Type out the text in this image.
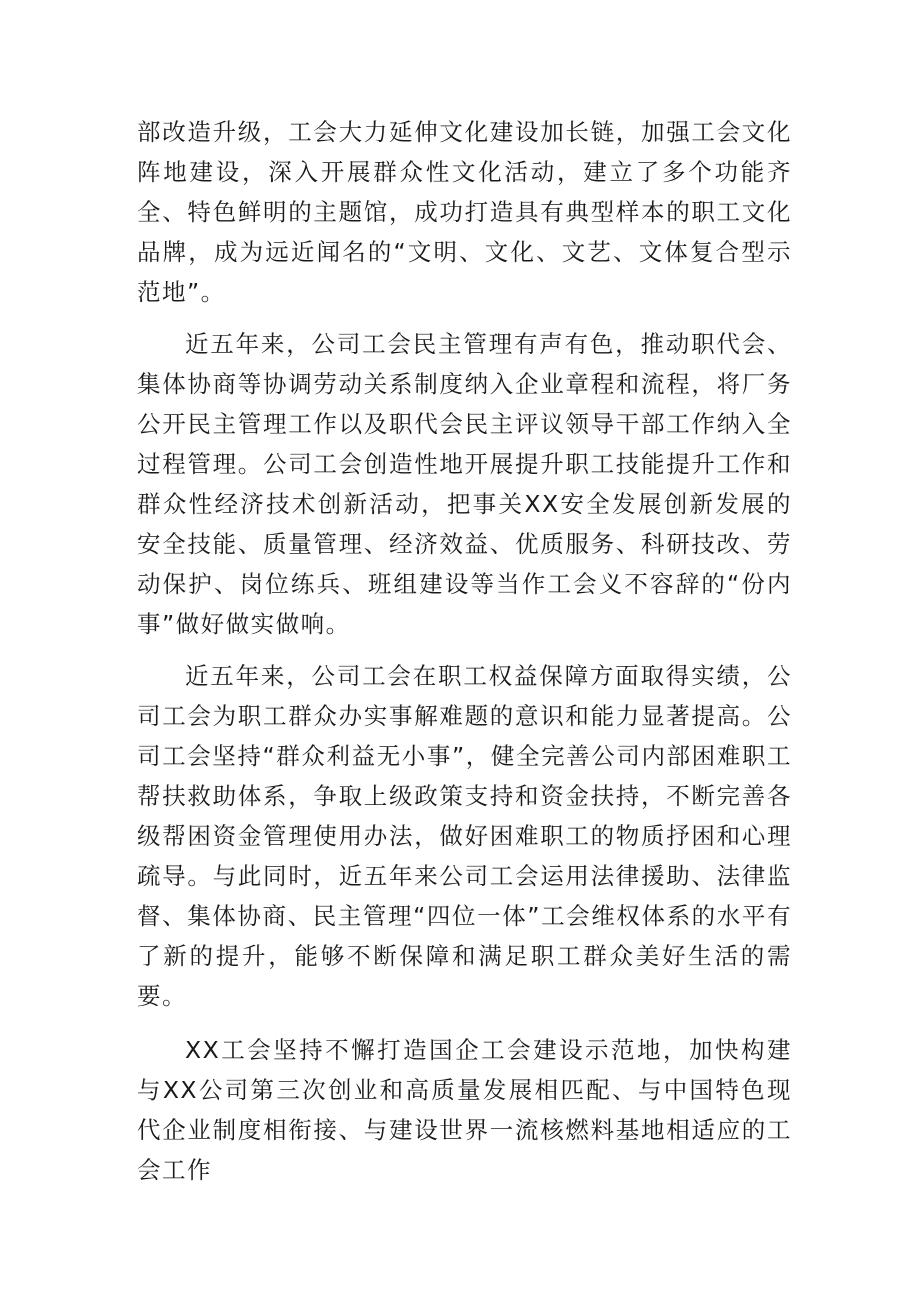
部改造升级，工会大力延伸文化建设加长链，加强工会文化阵地建设，深入开展群众性文化活动，建立了多个功能齐全、特色鲜明的主题馆，成功打造具有典型样本的职工文化品牌，成为远近闻名的“文明、文化、文艺、文体复合型示范地”。

近五年来，公司工会民主管理有声有色，推动职代会、集体协商等协调劳动关系制度纳入企业章程和流程，将厂务公开民主管理工作以及职代会民主评议领导干部工作纳入全过程管理。公司工会创造性地开展提升职工技能提升工作和群众性经济技术创新活动，把事关XX安全发展创新发展的安全技能、质量管理、经济效益、优质服务、科研技改、劳动保护、岗位练兵、班组建设等当作工会义不容辞的“份内事”做好做实做响。

近五年来，公司工会在职工权益保障方面取得实绩，公司工会为职工群众办实事解难题的意识和能力显著提高。公司工会坚持“群众利益无小事”，健全完善公司内部困难职工帮扶救助体系，争取上级政策支持和资金扶持，不断完善各级帮困资金管理使用办法，做好困难职工的物质抒困和心理疏导。与此同时，近五年来公司工会运用法律援助、法律监督、集体协商、民主管理“四位一体”工会维权体系的水平有了新的提升，能够不断保障和满足职工群众美好生活的需要。

XX工会坚持不懈打造国企工会建设示范地，加快构建与XX公司第三次创业和高质量发展相匹配、与中国特色现代企业制度相衔接、与建设世界一流核燃料基地相适应的工会工作
